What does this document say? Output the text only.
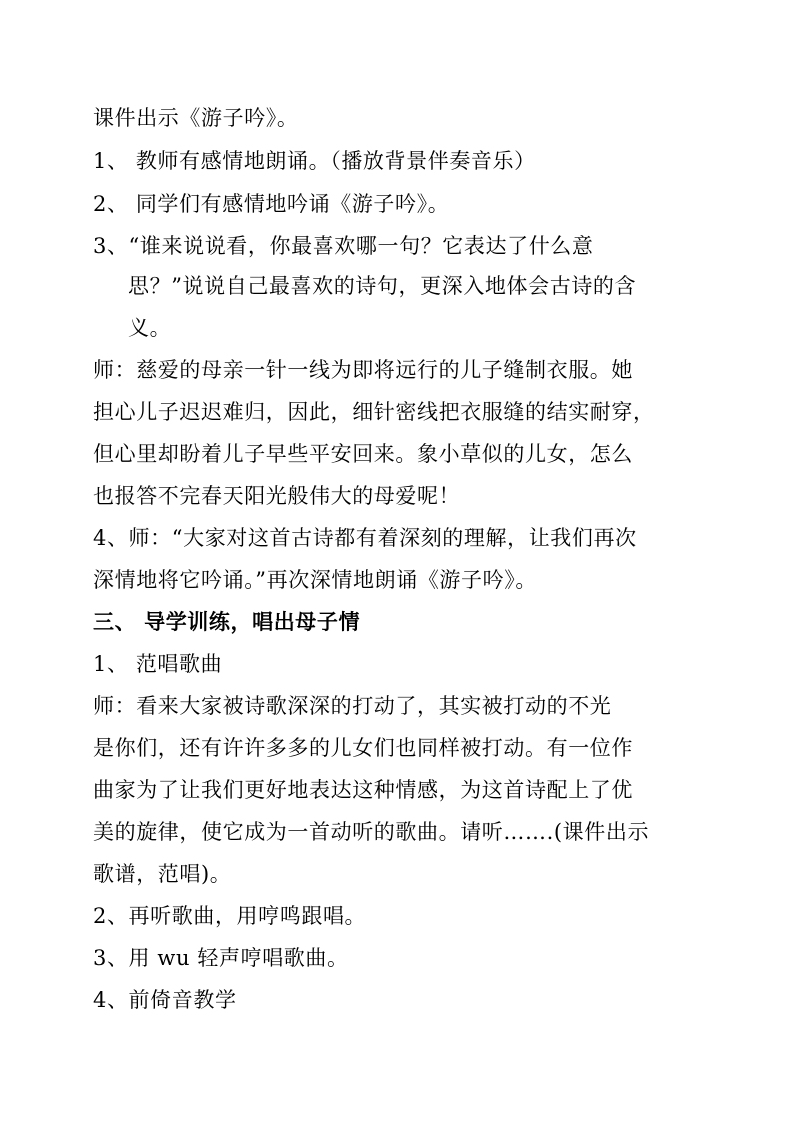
课件出示《游子吟》。
1、 教师有感情地朗诵。（播放背景伴奏音乐）
2、 同学们有感情地吟诵《游子吟》。
3、“谁来说说看，你最喜欢哪一句？它表达了什么意
思？”说说自己最喜欢的诗句，更深入地体会古诗的含
义。
师：慈爱的母亲一针一线为即将远行的儿子缝制衣服。她
担心儿子迟迟难归，因此，细针密线把衣服缝的结实耐穿，
但心里却盼着儿子早些平安回来。象小草似的儿女，怎么
也报答不完春天阳光般伟大的母爱呢！
4、师：“大家对这首古诗都有着深刻的理解，让我们再次
深情地将它吟诵。”再次深情地朗诵《游子吟》。
三、 导学训练，唱出母子情
1、 范唱歌曲
师：看来大家被诗歌深深的打动了，其实被打动的不光
是你们，还有许许多多的儿女们也同样被打动。有一位作
曲家为了让我们更好地表达这种情感，为这首诗配上了优
美的旋律，使它成为一首动听的歌曲。请听…….(课件出示
歌谱，范唱)。
2、再听歌曲，用哼鸣跟唱。
3、用 wu 轻声哼唱歌曲。
4、前倚音教学
